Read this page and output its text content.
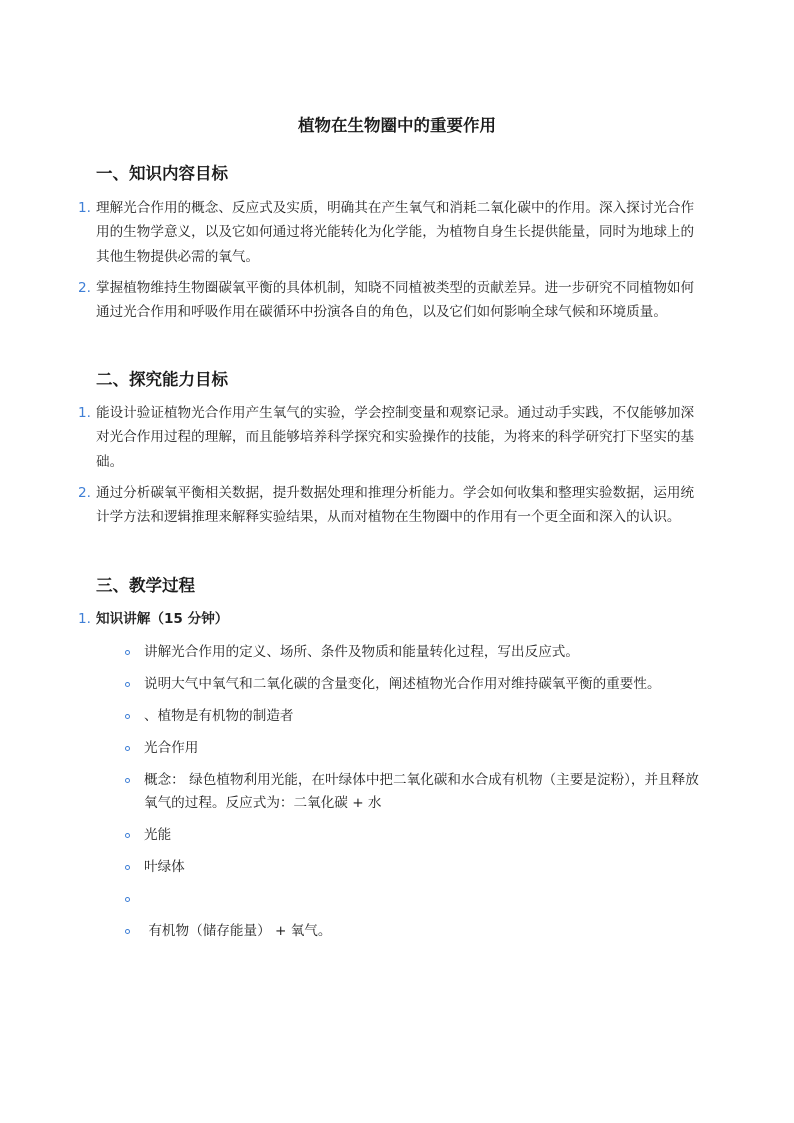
植物在生物圈中的重要作用
一、知识内容目标
1. 理解光合作用的概念、反应式及实质，明确其在产生氧气和消耗二氧化碳中的作用。深入探讨光合作用的生物学意义，以及它如何通过将光能转化为化学能，为植物自身生长提供能量，同时为地球上的其他生物提供必需的氧气。
2. 掌握植物维持生物圈碳氧平衡的具体机制，知晓不同植被类型的贡献差异。进一步研究不同植物如何通过光合作用和呼吸作用在碳循环中扮演各自的角色，以及它们如何影响全球气候和环境质量。
二、探究能力目标
1. 能设计验证植物光合作用产生氧气的实验，学会控制变量和观察记录。通过动手实践，不仅能够加深对光合作用过程的理解，而且能够培养科学探究和实验操作的技能，为将来的科学研究打下坚实的基础。
2. 通过分析碳氧平衡相关数据，提升数据处理和推理分析能力。学会如何收集和整理实验数据，运用统计学方法和逻辑推理来解释实验结果，从而对植物在生物圈中的作用有一个更全面和深入的认识。
三、教学过程
1. 知识讲解（15 分钟）
讲解光合作用的定义、场所、条件及物质和能量转化过程，写出反应式。
说明大气中氧气和二氧化碳的含量变化，阐述植物光合作用对维持碳氧平衡的重要性。
、植物是有机物的制造者
光合作用
概念： 绿色植物利用光能，在叶绿体中把二氧化碳和水合成有机物（主要是淀粉），并且释放氧气的过程。反应式为：二氧化碳 + 水
光能
叶绿体
有机物（储存能量） + 氧气。
